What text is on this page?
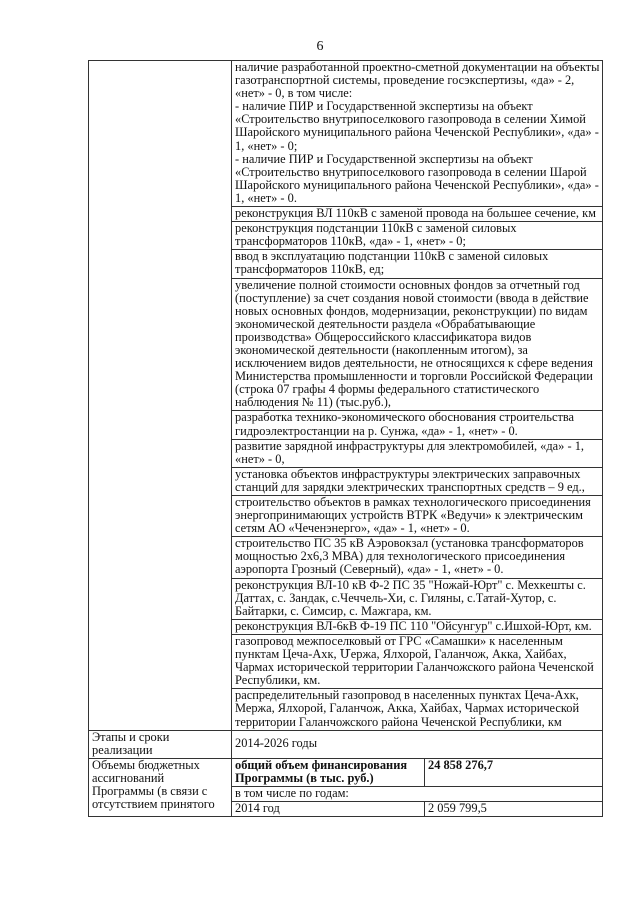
6
	наличие разработанной проектно-сметной документации на объекты газотранспортной системы, проведение госэкспертизы, «да» - 2, «нет» - 0, в том числе:
- наличие ПИР и Государственной экспертизы на объект «Строительство внутрипоселкового газопровода в селении Химой Шаройского муниципального района Чеченской Республики», «да» - 1, «нет» - 0;
- наличие ПИР и Государственной экспертизы на объект «Строительство внутрипоселкового газопровода в селении Шарой Шаройского муниципального района Чеченской Республики», «да» - 1, «нет» - 0.	
	реконструкция ВЛ 110кВ с заменой провода на большее сечение, км	
	реконструкция подстанции 110кВ с заменой силовых трансформаторов 110кВ, «да» - 1, «нет» - 0;	
	ввод в эксплуатацию подстанции 110кВ с заменой силовых трансформаторов 110кВ, ед;	
	увеличение полной стоимости основных фондов за отчетный год (поступление) за счет создания новой стоимости (ввода в действие новых основных фондов, модернизации, реконструкции) по видам экономической деятельности раздела «Обрабатывающие производства» Общероссийского классификатора видов экономической деятельности (накопленным итогом), за исключением видов деятельности, не относящихся к сфере ведения Министерства промышленности и торговли Российской Федерации (строка 07 графы 4 формы федерального статистического наблюдения № 11) (тыс.руб.),	
	разработка технико-экономического обоснования строительства гидроэлектростанции на р. Сунжа, «да» - 1, «нет» - 0.	
	развитие зарядной инфраструктуры для электромобилей, «да» - 1, «нет» - 0,	
	установка объектов инфраструктуры электрических заправочных станций для зарядки электрических транспортных средств – 9 ед.,	
	строительство объектов в рамках технологического присоединения энергопринимающих устройств ВТРК «Ведучи» к электрическим сетям АО «Чеченэнерго», «да» - 1, «нет» - 0.	
	строительство ПС 35 кВ Аэровокзал (установка трансформаторов мощностью 2х6,3 МВА) для технологического присоединения аэропорта Грозный (Северный), «да» - 1, «нет» - 0.	
	реконструкция ВЛ-10 кВ Ф-2 ПС 35 "Ножай-Юрт" с. Мехкешты с. Даттах, с. Зандак, с.Чеччель-Хи, с. Гиляны, с.Татай-Хутор, с. Байтарки, с. Симсир, с. Мажгара, км.	
	реконструкция ВЛ-6кВ Ф-19 ПС 110 "Ойсунгур" с.Ишхой-Юрт, км.	
	газопровод межпоселковый от ГРС «Самашки» к населенным пунктам Цеча-Ахк, Մержа, Ялхорой, Галанчож, Акка, Хайбах, Чармах исторической территории Галанчожского района Чеченской Республики, км.	
	распределительный газопровод в населенных пунктах Цеча-Ахк, Мержа, Ялхорой, Галанчож, Акка, Хайбах, Чармах исторической территории Галанчожского района Чеченской Республики, км	
Этапы и сроки реализации	2014-2026 годы	
Объемы бюджетных ассигнований Программы (в связи с отсутствием принятого	общий объем финансирования Программы (в тыс. руб.)	24 858 276,7
	в том числе по годам:	
	2014 год	2 059 799,5
